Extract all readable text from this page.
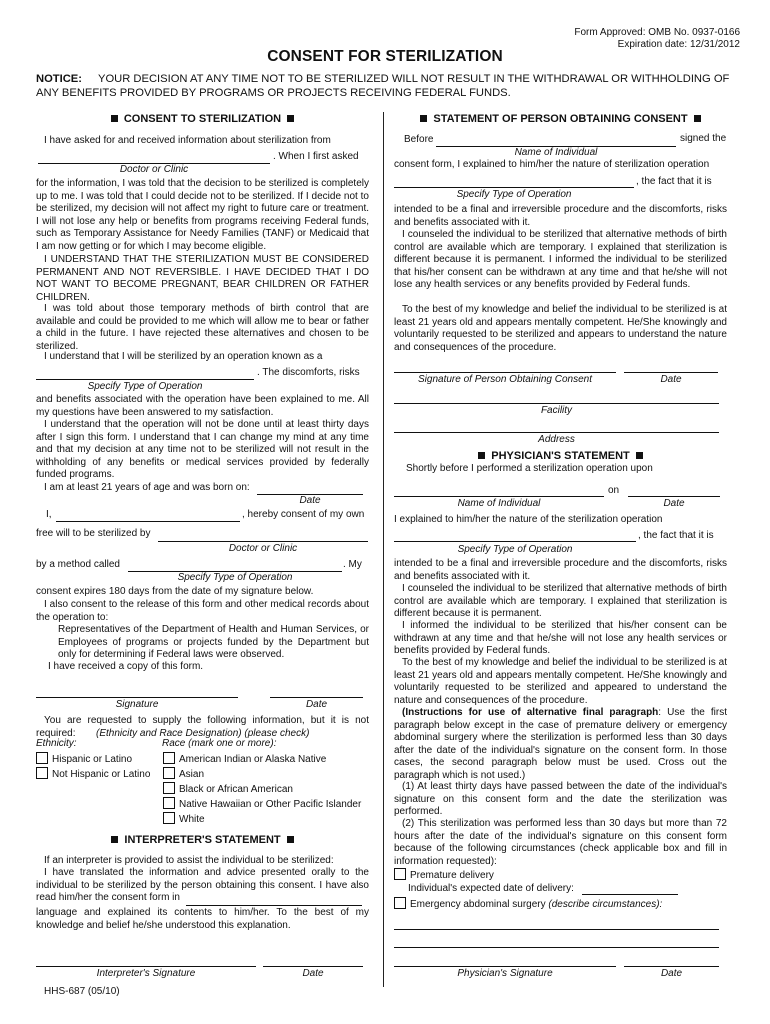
Form Approved: OMB No. 0937-0166
Expiration date: 12/31/2012
CONSENT FOR STERILIZATION
NOTICE: YOUR DECISION AT ANY TIME NOT TO BE STERILIZED WILL NOT RESULT IN THE WITHDRAWAL OR WITHHOLDING OF ANY BENEFITS PROVIDED BY PROGRAMS OR PROJECTS RECEIVING FEDERAL FUNDS.
CONSENT TO STERILIZATION
I have asked for and received information about sterilization from
. When I first asked
Doctor or Clinic
for the information, I was told that the decision to be sterilized is completely up to me. I was told that I could decide not to be sterilized. If I decide not to be sterilized, my decision will not affect my right to future care or treatment. I will not lose any help or benefits from programs receiving Federal funds, such as Temporary Assistance for Needy Families (TANF) or Medicaid that I am now getting or for which I may become eligible.
I UNDERSTAND THAT THE STERILIZATION MUST BE CONSIDERED PERMANENT AND NOT REVERSIBLE. I HAVE DECIDED THAT I DO NOT WANT TO BECOME PREGNANT, BEAR CHILDREN OR FATHER CHILDREN.
I was told about those temporary methods of birth control that are available and could be provided to me which will allow me to bear or father a child in the future. I have rejected these alternatives and chosen to be sterilized.
I understand that I will be sterilized by an operation known as a
. The discomforts, risks
Specify Type of Operation
and benefits associated with the operation have been explained to me. All my questions have been answered to my satisfaction.
I understand that the operation will not be done until at least thirty days after I sign this form. I understand that I can change my mind at any time and that my decision at any time not to be sterilized will not result in the withholding of any benefits or medical services provided by federally funded programs.
I am at least 21 years of age and was born on:
Date
I,	, hereby consent of my own
free will to be sterilized by
Doctor or Clinic
by a method called	. My
Specify Type of Operation
consent expires 180 days from the date of my signature below.
I also consent to the release of this form and other medical records about the operation to:
Representatives of the Department of Health and Human Services, or Employees of programs or projects funded by the Department but only for determining if Federal laws were observed.
I have received a copy of this form.
Signature	Date
You are requested to supply the following information, but it is not required:	(Ethnicity and Race Designation) (please check)
Ethnicity:	Race (mark one or more):
Hispanic or Latino
Not Hispanic or Latino
American Indian or Alaska Native
Asian
Black or African American
Native Hawaiian or Other Pacific Islander
White
INTERPRETER'S STATEMENT
If an interpreter is provided to assist the individual to be sterilized:
I have translated the information and advice presented orally to the individual to be sterilized by the person obtaining this consent. I have also read him/her the consent form in
language and explained its contents to him/her. To the best of my knowledge and belief he/she understood this explanation.
Interpreter's Signature	Date
HHS-687 (05/10)
STATEMENT OF PERSON OBTAINING CONSENT
Before	signed the
Name of Individual
consent form, I explained to him/her the nature of sterilization operation
, the fact that it is
Specify Type of Operation
intended to be a final and irreversible procedure and the discomforts, risks and benefits associated with it.
I counseled the individual to be sterilized that alternative methods of birth control are available which are temporary. I explained that sterilization is different because it is permanent. I informed the individual to be sterilized that his/her consent can be withdrawn at any time and that he/she will not lose any health services or any benefits provided by Federal funds.
To the best of my knowledge and belief the individual to be sterilized is at least 21 years old and appears mentally competent. He/She knowingly and voluntarily requested to be sterilized and appears to understand the nature and consequences of the procedure.
Signature of Person Obtaining Consent	Date
Facility
Address
PHYSICIAN'S STATEMENT
Shortly before I performed a sterilization operation upon
on
Name of Individual	Date
I explained to him/her the nature of the sterilization operation
, the fact that it is
Specify Type of Operation
intended to be a final and irreversible procedure and the discomforts, risks and benefits associated with it.
I counseled the individual to be sterilized that alternative methods of birth control are available which are temporary. I explained that sterilization is different because it is permanent.
I informed the individual to be sterilized that his/her consent can be withdrawn at any time and that he/she will not lose any health services or benefits provided by Federal funds.
To the best of my knowledge and belief the individual to be sterilized is at least 21 years old and appears mentally competent. He/She knowingly and voluntarily requested to be sterilized and appeared to understand the nature and consequences of the procedure.
(Instructions for use of alternative final paragraph: Use the first paragraph below except in the case of premature delivery or emergency abdominal surgery where the sterilization is performed less than 30 days after the date of the individual's signature on the consent form. In those cases, the second paragraph below must be used. Cross out the paragraph which is not used.)
(1) At least thirty days have passed between the date of the individual's signature on this consent form and the date the sterilization was performed.
(2) This sterilization was performed less than 30 days but more than 72 hours after the date of the individual's signature on this consent form because of the following circumstances (check applicable box and fill in information requested):
Premature delivery
Individual's expected date of delivery:
Emergency abdominal surgery (describe circumstances):
Physician's Signature	Date
